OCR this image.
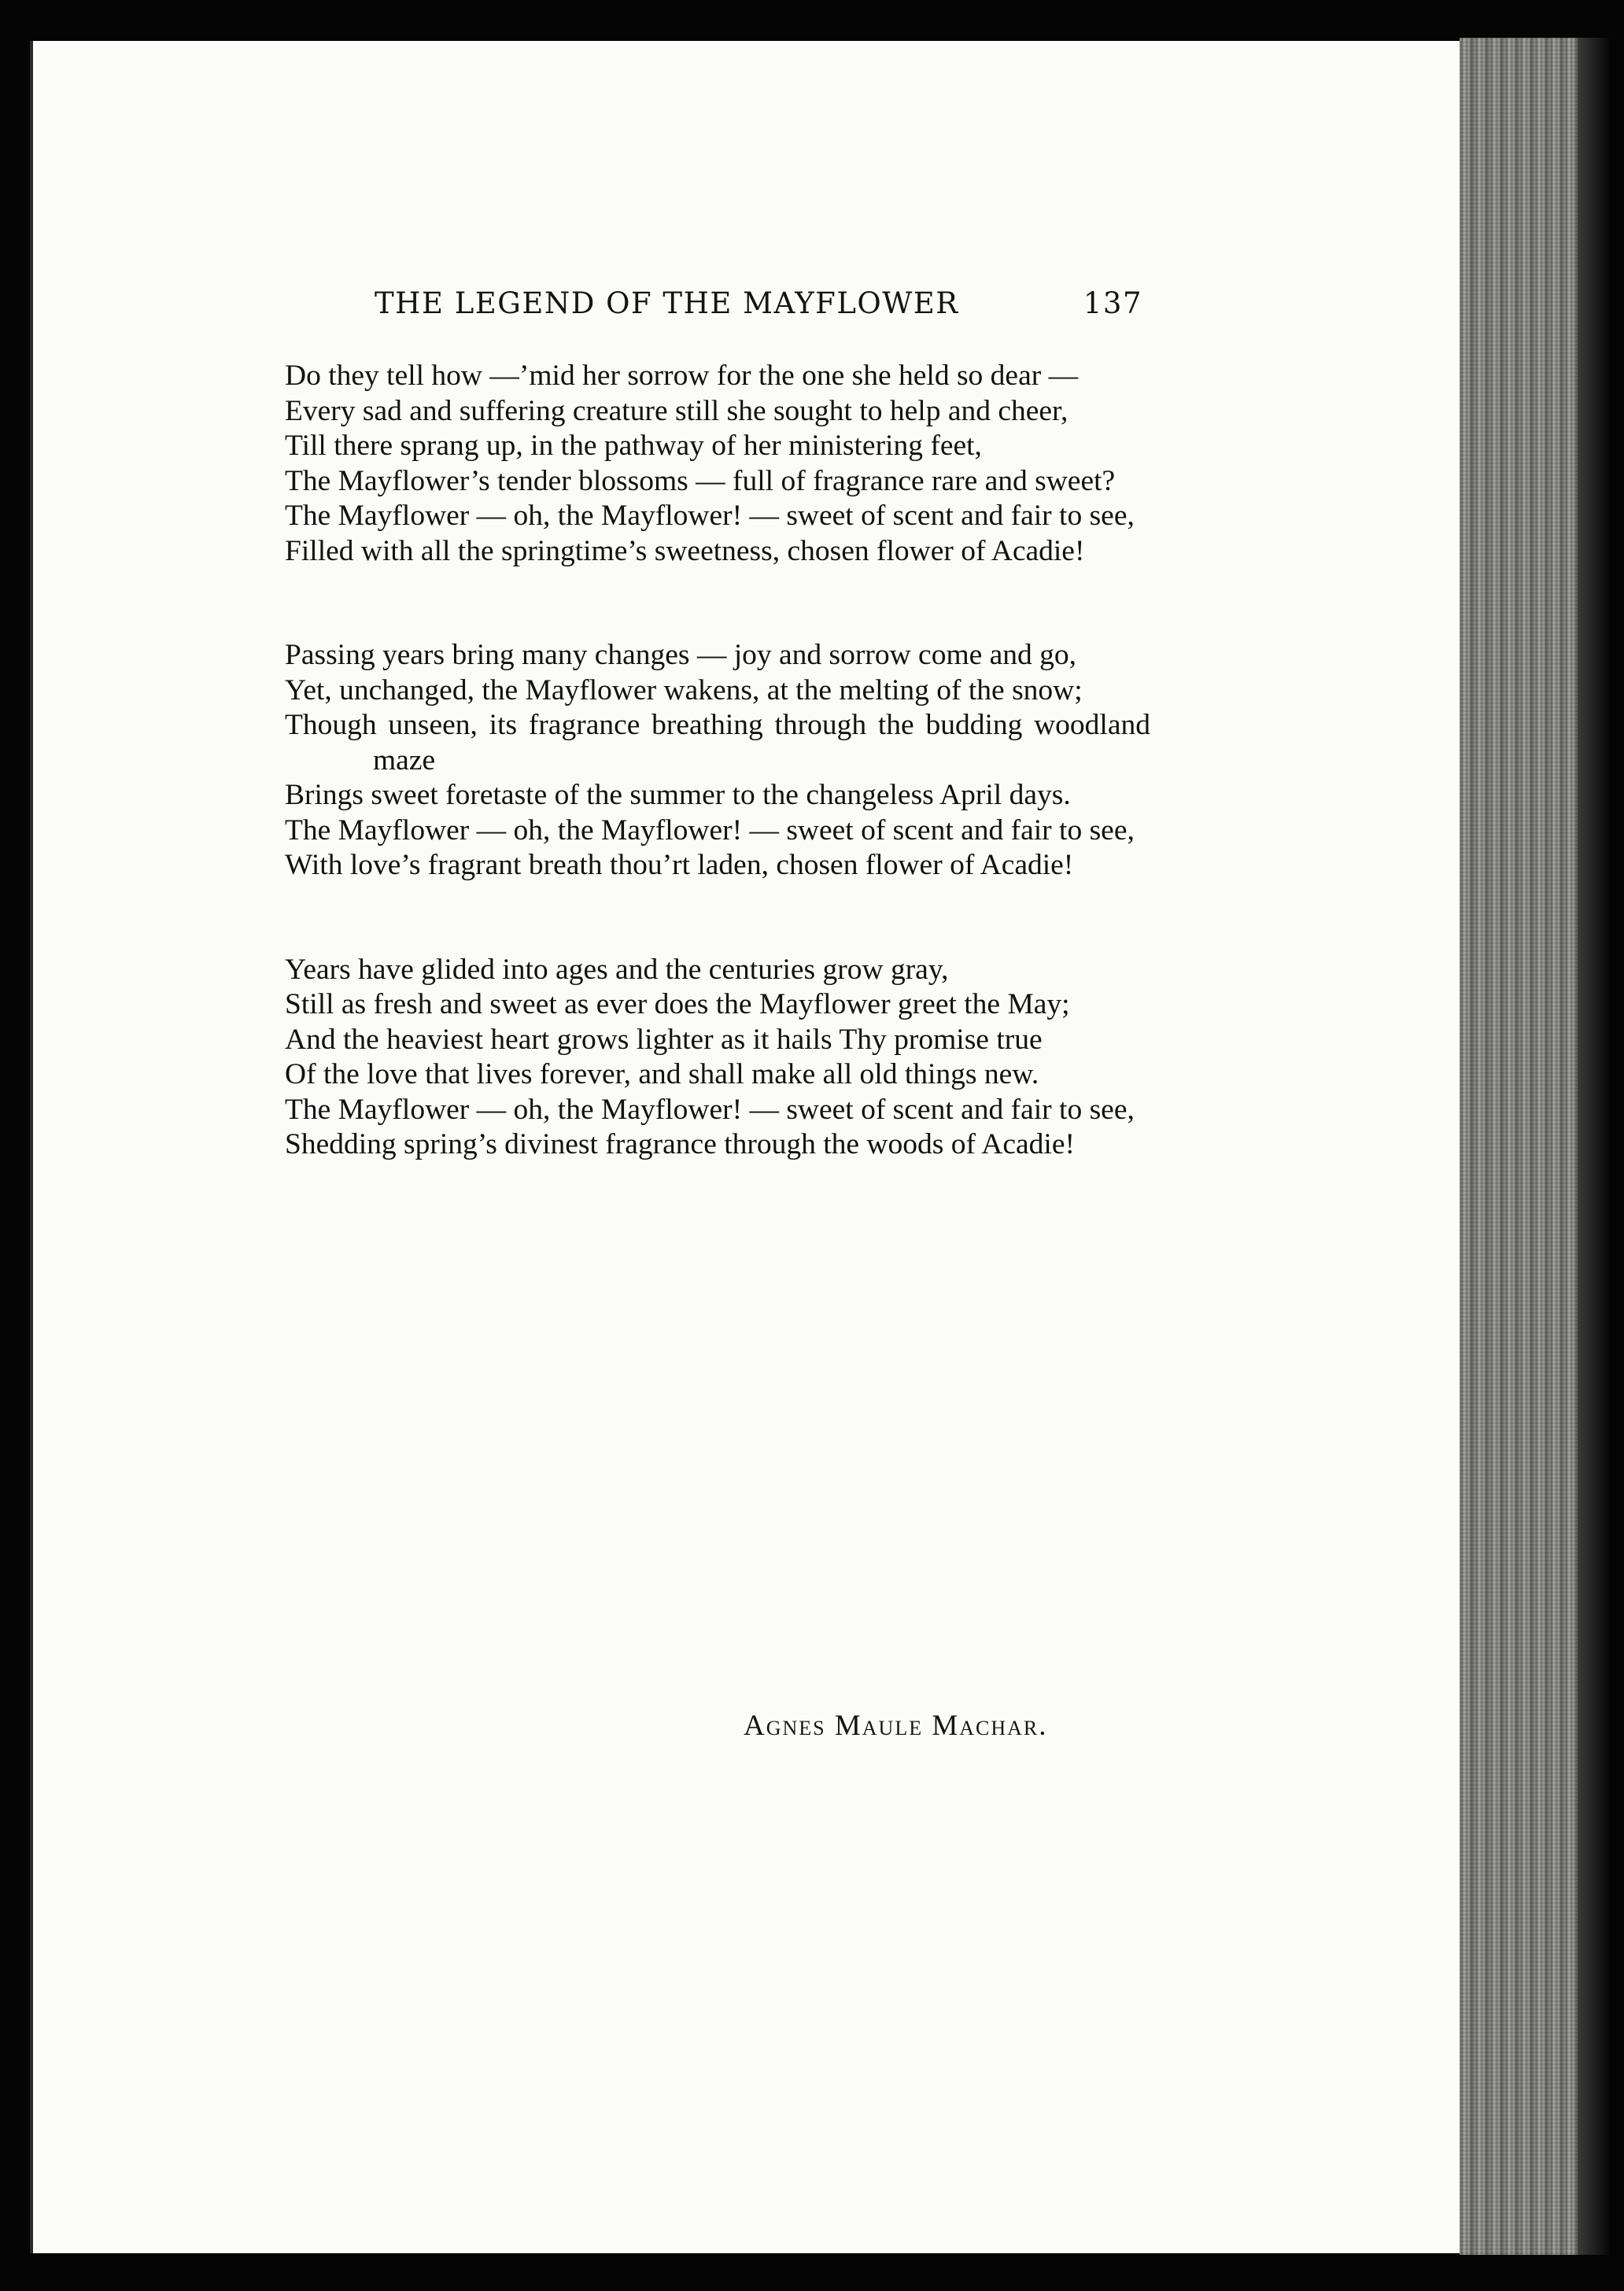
THE LEGEND OF THE MAYFLOWER	137
Do they tell how —’mid her sorrow for the one she held so dear —
Every sad and suffering creature still she sought to help and cheer,
Till there sprang up, in the pathway of her ministering feet,
The Mayflower’s tender blossoms — full of fragrance rare and sweet?
The Mayflower — oh, the Mayflower! — sweet of scent and fair to see,
Filled with all the springtime’s sweetness, chosen flower of Acadie!
Passing years bring many changes — joy and sorrow come and go,
Yet, unchanged, the Mayflower wakens, at the melting of the snow;
Though unseen, its fragrance breathing through the budding woodland maze
Brings sweet foretaste of the summer to the changeless April days.
The Mayflower — oh, the Mayflower! — sweet of scent and fair to see,
With love’s fragrant breath thou’rt laden, chosen flower of Acadie!
Years have glided into ages and the centuries grow gray,
Still as fresh and sweet as ever does the Mayflower greet the May;
And the heaviest heart grows lighter as it hails Thy promise true
Of the love that lives forever, and shall make all old things new.
The Mayflower — oh, the Mayflower! — sweet of scent and fair to see,
Shedding spring’s divinest fragrance through the woods of Acadie!
Agnes Maule Machar.
